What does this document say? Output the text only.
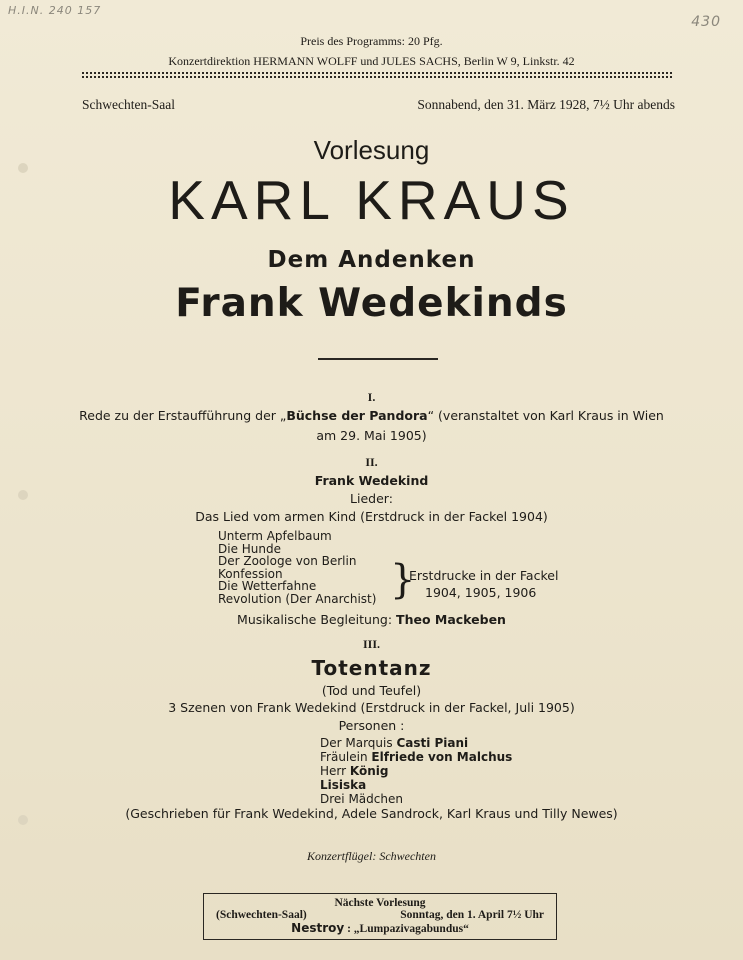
H.I.N. 240 157
430
Preis des Programms: 20 Pfg.
Konzertdirektion HERMANN WOLFF und JULES SACHS, Berlin W 9, Linkstr. 42
Schwechten-Saal	Sonnabend, den 31. März 1928, 7½ Uhr abends
Vorlesung
KARL KRAUS
Dem Andenken
Frank Wedekinds
I.
Rede zu der Erstaufführung der „Büchse der Pandora“ (veranstaltet von Karl Kraus in Wien
am 29. Mai 1905)
II.
Frank Wedekind
Lieder:
Das Lied vom armen Kind (Erstdruck in der Fackel 1904)
Unterm Apfelbaum
Die Hunde
Der Zoologe von Berlin
Konfession
Die Wetterfahne
Revolution (Der Anarchist) }
Erstdrucke in der Fackel
1904, 1905, 1906
Musikalische Begleitung: Theo Mackeben
III.
Totentanz
(Tod und Teufel)
3 Szenen von Frank Wedekind (Erstdruck in der Fackel, Juli 1905)
Personen :
Der Marquis Casti Piani
Fräulein Elfriede von Malchus
Herr König
Lisiska
Drei Mädchen
(Geschrieben für Frank Wedekind, Adele Sandrock, Karl Kraus und Tilly Newes)
Konzertflügel: Schwechten
Nächste Vorlesung
(Schwechten-Saal)	Sonntag, den 1. April 7½ Uhr
Nestroy : „Lumpazivagabundus“
